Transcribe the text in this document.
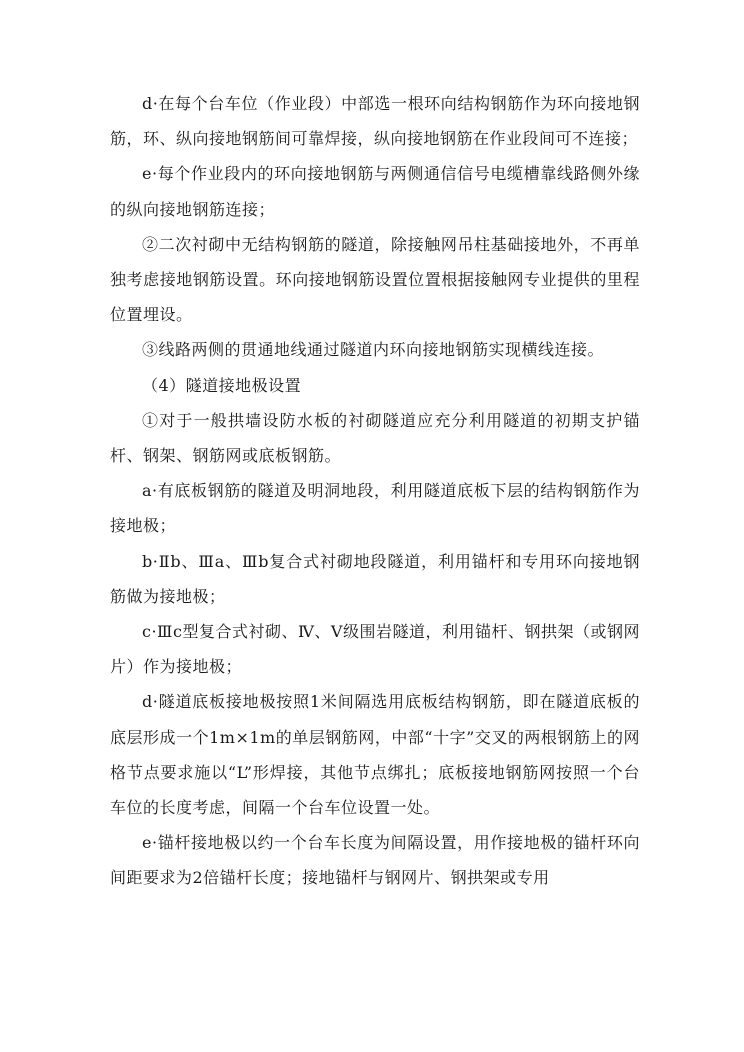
d·在每个台车位（作业段）中部选一根环向结构钢筋作为环向接地钢筋，环、纵向接地钢筋间可靠焊接，纵向接地钢筋在作业段间可不连接；

e·每个作业段内的环向接地钢筋与两侧通信信号电缆槽靠线路侧外缘的纵向接地钢筋连接；

②二次衬砌中无结构钢筋的隧道，除接触网吊柱基础接地外，不再单独考虑接地钢筋设置。环向接地钢筋设置位置根据接触网专业提供的里程位置埋设。

③线路两侧的贯通地线通过隧道内环向接地钢筋实现横线连接。

（4）隧道接地极设置

①对于一般拱墙设防水板的衬砌隧道应充分利用隧道的初期支护锚杆、钢架、钢筋网或底板钢筋。

a·有底板钢筋的隧道及明洞地段，利用隧道底板下层的结构钢筋作为接地极；

b·Ⅱb、Ⅲa、Ⅲb复合式衬砌地段隧道，利用锚杆和专用环向接地钢筋做为接地极；

c·Ⅲc型复合式衬砌、Ⅳ、Ⅴ级围岩隧道，利用锚杆、钢拱架（或钢网片）作为接地极；

d·隧道底板接地极按照1米间隔选用底板结构钢筋，即在隧道底板的底层形成一个1m×1m的单层钢筋网，中部“十字”交叉的两根钢筋上的网格节点要求施以“L”形焊接，其他节点绑扎；底板接地钢筋网按照一个台车位的长度考虑，间隔一个台车位设置一处。

e·锚杆接地极以约一个台车长度为间隔设置，用作接地极的锚杆环向间距要求为2倍锚杆长度；接地锚杆与钢网片、钢拱架或专用
